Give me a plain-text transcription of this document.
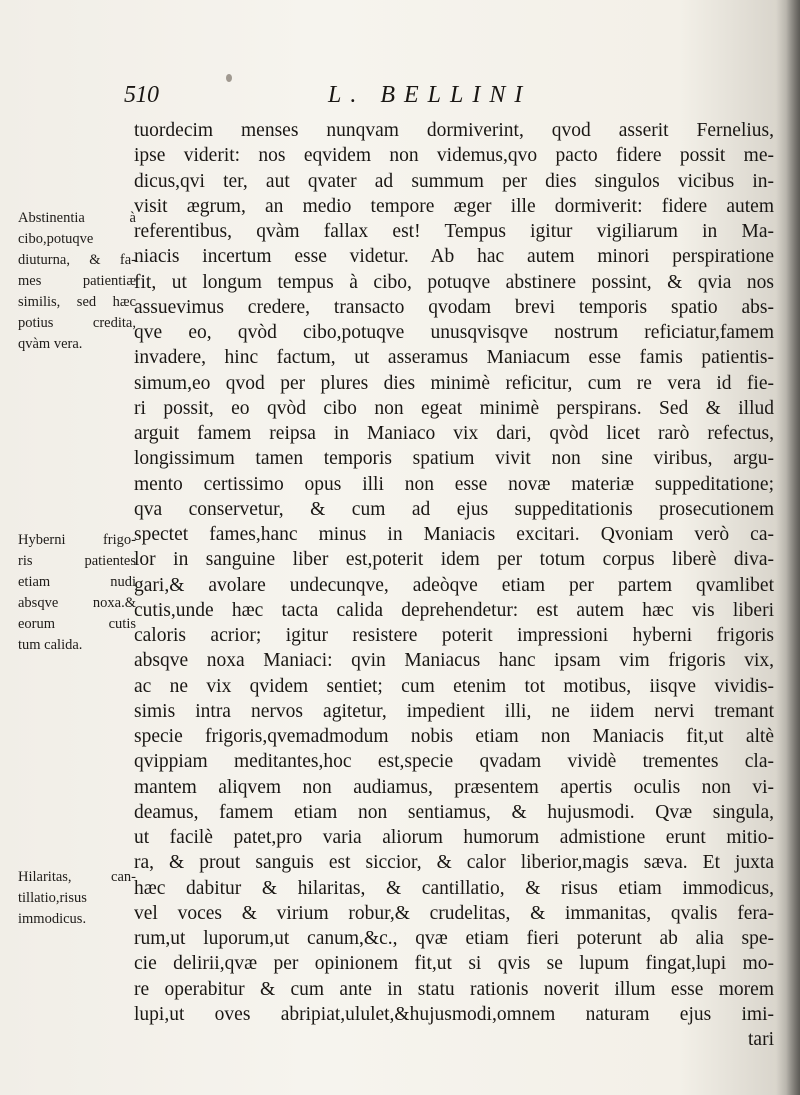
510	L. BELLINI
tuordecim menses nunqvam dormiverint, qvod asserit Fernelius,
ipse viderit: nos eqvidem non videmus,qvo pacto fidere possit me-
dicus,qvi ter, aut qvater ad summum per dies singulos vicibus in-
visit ægrum, an medio tempore æger ille dormiverit: fidere autem
referentibus, qvàm fallax est! Tempus igitur vigiliarum in Ma-
niacis incertum esse videtur. Ab hac autem minori perspiratione
fit, ut longum tempus à cibo, potuqve abstinere possint, & qvia nos
assuevimus credere, transacto qvodam brevi temporis spatio abs-
qve eo, qvòd cibo,potuqve unusqvisqve nostrum reficiatur,famem
invadere, hinc factum, ut asseramus Maniacum esse famis patientis-
simum,eo qvod per plures dies minimè reficitur, cum re vera id fie-
ri possit, eo qvòd cibo non egeat minimè perspirans. Sed & illud
arguit famem reipsa in Maniaco vix dari, qvòd licet rarò refectus,
longissimum tamen temporis spatium vivit non sine viribus, argu-
mento certissimo opus illi non esse novæ materiæ suppeditatione;
qva conservetur, & cum ad ejus suppeditationis prosecutionem
spectet fames,hanc minus in Maniacis excitari. Qvoniam verò ca-
lor in sanguine liber est,poterit idem per totum corpus liberè diva-
gari,& avolare undecunqve, adeòqve etiam per partem qvamlibet
cutis,unde hæc tacta calida deprehendetur: est autem hæc vis liberi
caloris acrior; igitur resistere poterit impressioni hyberni frigoris
absqve noxa Maniaci: qvin Maniacus hanc ipsam vim frigoris vix,
ac ne vix qvidem sentiet; cum etenim tot motibus, iisqve vividis-
simis intra nervos agitetur, impedient illi, ne iidem nervi tremant
specie frigoris,qvemadmodum nobis etiam non Maniacis fit,ut altè
qvippiam meditantes,hoc est,specie qvadam vividè trementes cla-
mantem aliqvem non audiamus, præsentem apertis oculis non vi-
deamus, famem etiam non sentiamus, & hujusmodi. Qvæ singula,
ut facilè patet,pro varia aliorum humorum admistione erunt mitio-
ra, & prout sanguis est siccior, & calor liberior,magis sæva. Et juxta
hæc dabitur & hilaritas, & cantillatio, & risus etiam immodicus,
vel voces & virium robur,& crudelitas, & immanitas, qvalis fera-
rum,ut luporum,ut canum,&c., qvæ etiam fieri poterunt ab alia spe-
cie delirii,qvæ per opinionem fit,ut si qvis se lupum fingat,lupi mo-
re operabitur & cum ante in statu rationis noverit illum esse morem
lupi,ut oves abripiat,ululet,&hujusmodi,omnem naturam ejus imi-
tari
Abstinentia à
cibo,potuqve
diuturna, & fa-
mes patientiæ
similis, sed hæc
potius credita,
qvàm vera.
Hyberni frigo-
ris patientes
etiam nudi
absqve noxa.&
eorum cutis
tum calida.
Hilaritas, can-
tillatio,risus
immodicus.
